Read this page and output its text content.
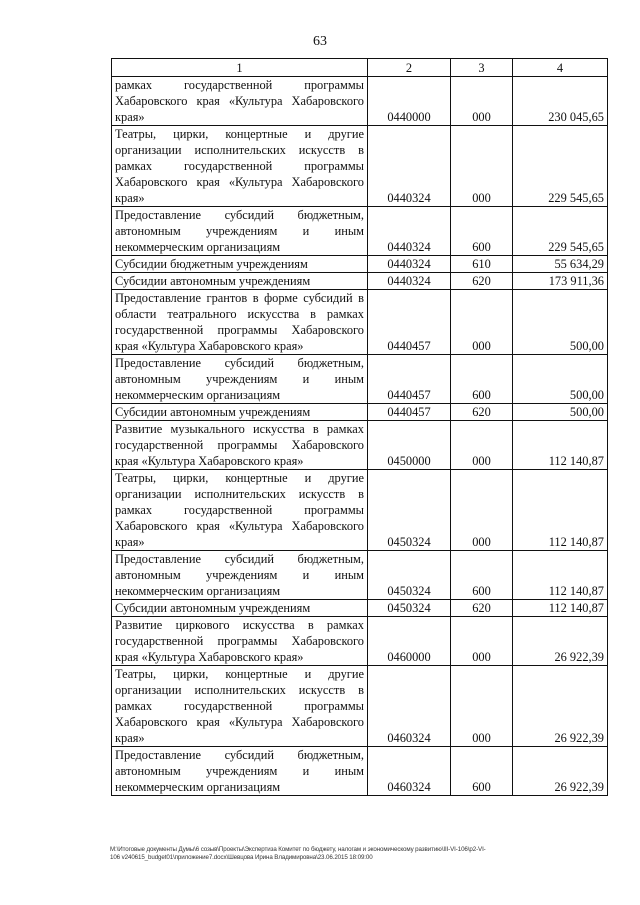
63
1	2	3	4
рамках государственной программы Хабаровского края «Культура Хабаровского края»	0440000	000	230 045,65
Театры, цирки, концертные и другие организации исполнительских искусств в рамках государственной программы Хабаровского края «Культура Хабаровского края»	0440324	000	229 545,65
Предоставление субсидий бюджетным, автономным учреждениям и иным некоммерческим организациям	0440324	600	229 545,65
Субсидии бюджетным учреждениям	0440324	610	55 634,29
Субсидии автономным учреждениям	0440324	620	173 911,36
Предоставление грантов в форме субсидий в области театрального искусства в рамках государственной программы Хабаровского края «Культура Хабаровского края»	0440457	000	500,00
Предоставление субсидий бюджетным, автономным учреждениям и иным некоммерческим организациям	0440457	600	500,00
Субсидии автономным учреждениям	0440457	620	500,00
Развитие музыкального искусства в рамках государственной программы Хабаровского края «Культура Хабаровского края»	0450000	000	112 140,87
Театры, цирки, концертные и другие организации исполнительских искусств в рамках государственной программы Хабаровского края «Культура Хабаровского края»	0450324	000	112 140,87
Предоставление субсидий бюджетным, автономным учреждениям и иным некоммерческим организациям	0450324	600	112 140,87
Субсидии автономным учреждениям	0450324	620	112 140,87
Развитие циркового искусства в рамках государственной программы Хабаровского края «Культура Хабаровского края»	0460000	000	26 922,39
Театры, цирки, концертные и другие организации исполнительских искусств в рамках государственной программы Хабаровского края «Культура Хабаровского края»	0460324	000	26 922,39
Предоставление субсидий бюджетным, автономным учреждениям и иным некоммерческим организациям	0460324	600	26 922,39
M:\Итоговые документы Думы\6 созыв\Проекты\Экспертиза Комитет по бюджету, налогам и экономическому развитию\III-VI-106\p2-VI-
106 v240615_budget01\приложение7.docx\Шевцова Ирина Владимировна\23.06.2015 18:09:00
